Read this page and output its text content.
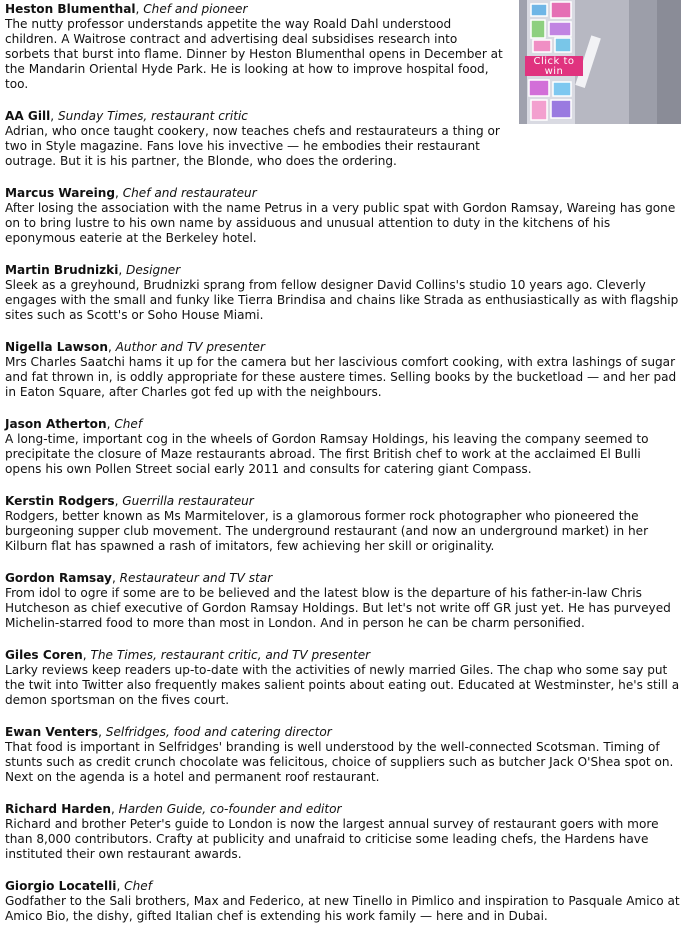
Heston Blumenthal, Chef and pioneer

The nutty professor understands appetite the way Roald Dahl understood children. A Waitrose contract and advertising deal subsidises research into sorbets that burst into flame. Dinner by Heston Blumenthal opens in December at the Mandarin Oriental Hyde Park. He is looking at how to improve hospital food, too.

AA Gill, Sunday Times, restaurant critic

Adrian, who once taught cookery, now teaches chefs and restaurateurs a thing or two in Style magazine. Fans love his invective — he embodies their restaurant outrage. But it is his partner, the Blonde, who does the ordering.

Marcus Wareing, Chef and restaurateur

After losing the association with the name Petrus in a very public spat with Gordon Ramsay, Wareing has gone on to bring lustre to his own name by assiduous and unusual attention to duty in the kitchens of his eponymous eaterie at the Berkeley hotel.

Martin Brudnizki, Designer

Sleek as a greyhound, Brudnizki sprang from fellow designer David Collins's studio 10 years ago. Cleverly engages with the small and funky like Tierra Brindisa and chains like Strada as enthusiastically as with flagship sites such as Scott's or Soho House Miami.

Nigella Lawson, Author and TV presenter

Mrs Charles Saatchi hams it up for the camera but her lascivious comfort cooking, with extra lashings of sugar and fat thrown in, is oddly appropriate for these austere times. Selling books by the bucketload — and her pad in Eaton Square, after Charles got fed up with the neighbours.

Jason Atherton, Chef

A long-time, important cog in the wheels of Gordon Ramsay Holdings, his leaving the company seemed to precipitate the closure of Maze restaurants abroad. The first British chef to work at the acclaimed El Bulli opens his own Pollen Street social early 2011 and consults for catering giant Compass.

Kerstin Rodgers, Guerrilla restaurateur

Rodgers, better known as Ms Marmitelover, is a glamorous former rock photographer who pioneered the burgeoning supper club movement. The underground restaurant (and now an underground market) in her Kilburn flat has spawned a rash of imitators, few achieving her skill or originality.

Gordon Ramsay, Restaurateur and TV star

From idol to ogre if some are to be believed and the latest blow is the departure of his father-in-law Chris Hutcheson as chief executive of Gordon Ramsay Holdings. But let's not write off GR just yet. He has purveyed Michelin-starred food to more than most in London. And in person he can be charm personified.

Giles Coren, The Times, restaurant critic, and TV presenter

Larky reviews keep readers up-to-date with the activities of newly married Giles. The chap who some say put the twit into Twitter also frequently makes salient points about eating out. Educated at Westminster, he's still a demon sportsman on the fives court.

Ewan Venters, Selfridges, food and catering director

That food is important in Selfridges' branding is well understood by the well-connected Scotsman. Timing of stunts such as credit crunch chocolate was felicitous, choice of suppliers such as butcher Jack O'Shea spot on. Next on the agenda is a hotel and permanent roof restaurant.

Richard Harden, Harden Guide, co-founder and editor

Richard and brother Peter's guide to London is now the largest annual survey of restaurant goers with more than 8,000 contributors. Crafty at publicity and unafraid to criticise some leading chefs, the Hardens have instituted their own restaurant awards.

Giorgio Locatelli, Chef

Godfather to the Sali brothers, Max and Federico, at new Tinello in Pimlico and inspiration to Pasquale Amico at Amico Bio, the dishy, gifted Italian chef is extending his work family — here and in Dubai.

Click to
win
